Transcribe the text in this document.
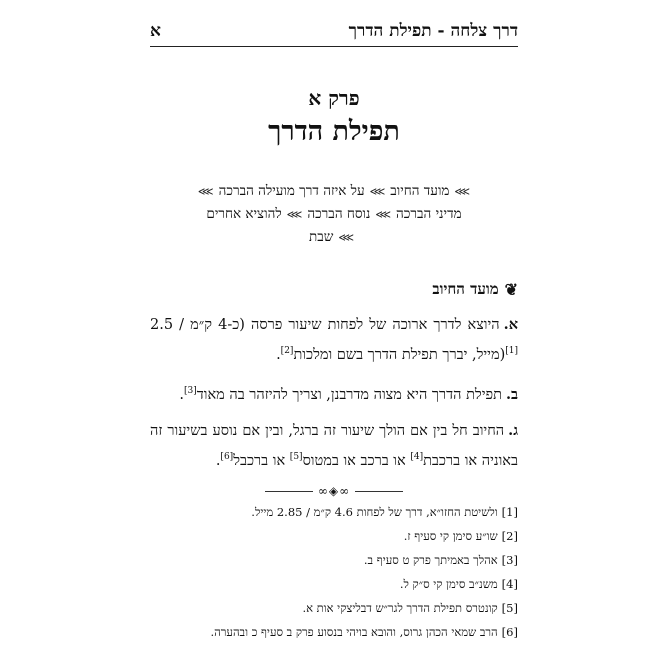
דרך צלחה - תפילת הדרך
א
פרק א
תפילת הדרך
⋙מועד החיוב⋙על איזה דרך מועילה הברכה⋙
מדיני הברכה⋙נוסח הברכה⋙להוציא אחרים
⋙שבת
❦
מועד החיוב

א.היוצא לדרך ארוכה של לפחות שיעור פרסה (כ-4 ק״מ / 2.5 מייל)[1], יברך תפילת הדרך בשם ומלכות[2].

ב.תפילת הדרך היא מצוה מדרבנן, וצריך להיזהר בה מאוד[3].

ג.החיוב חל בין אם הולך שיעור זה ברגל, ובין אם נוסע בשיעור זה באוניה או ברכבת[4] או ברכב או במטוס[5] או ברכבל[6].

∞◈∞
[1]ולשיטת החזו״א, דרך של לפחות 4.6 ק״מ / 2.85 מייל.
[2]שו״ע סימן קי סעיף ז.
[3]אהלך באמיתך פרק ט סעיף ב.
[4]משנ״ב סימן קי ס״ק ל.
[5]קונטרס תפילת הדרך לגר״ש דבליצקי אות א.
[6]הרב שמאי הכהן גרוס, והובא בויהי בנסוע פרק ב סעיף כ ובהערה.
